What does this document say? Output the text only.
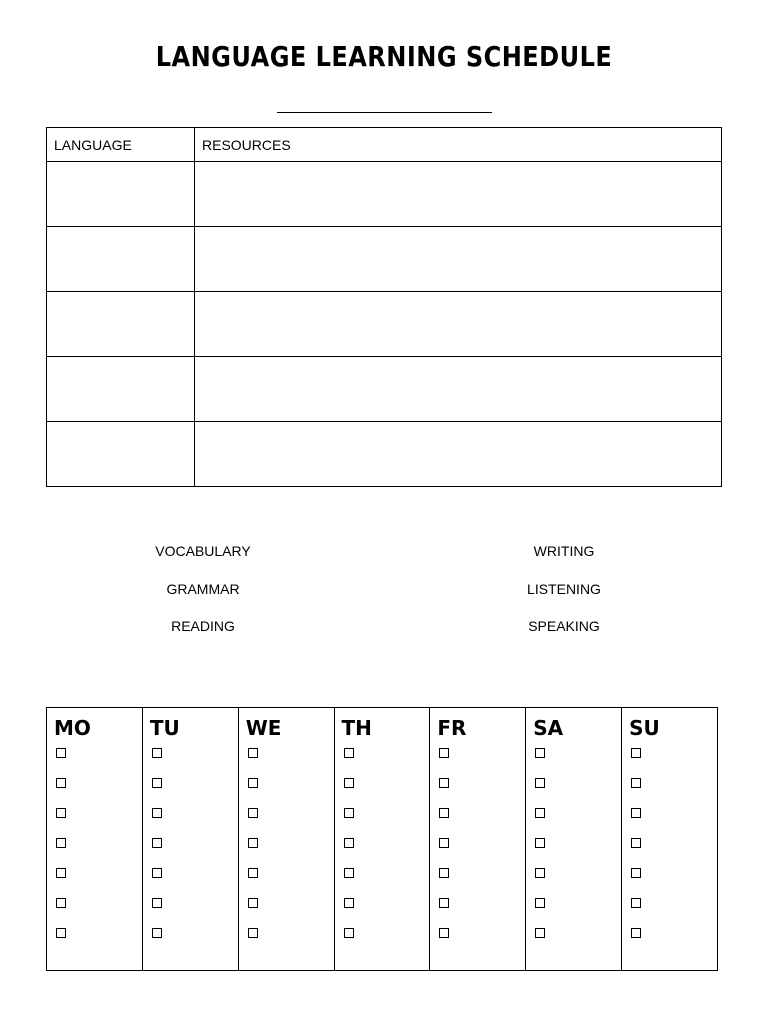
LANGUAGE LEARNING SCHEDULE
LANGUAGE	RESOURCES

VOCABULARY
GRAMMAR
READING
WRITING
LISTENING
SPEAKING
MO	TU	WE	TH	FR	SA	SU
